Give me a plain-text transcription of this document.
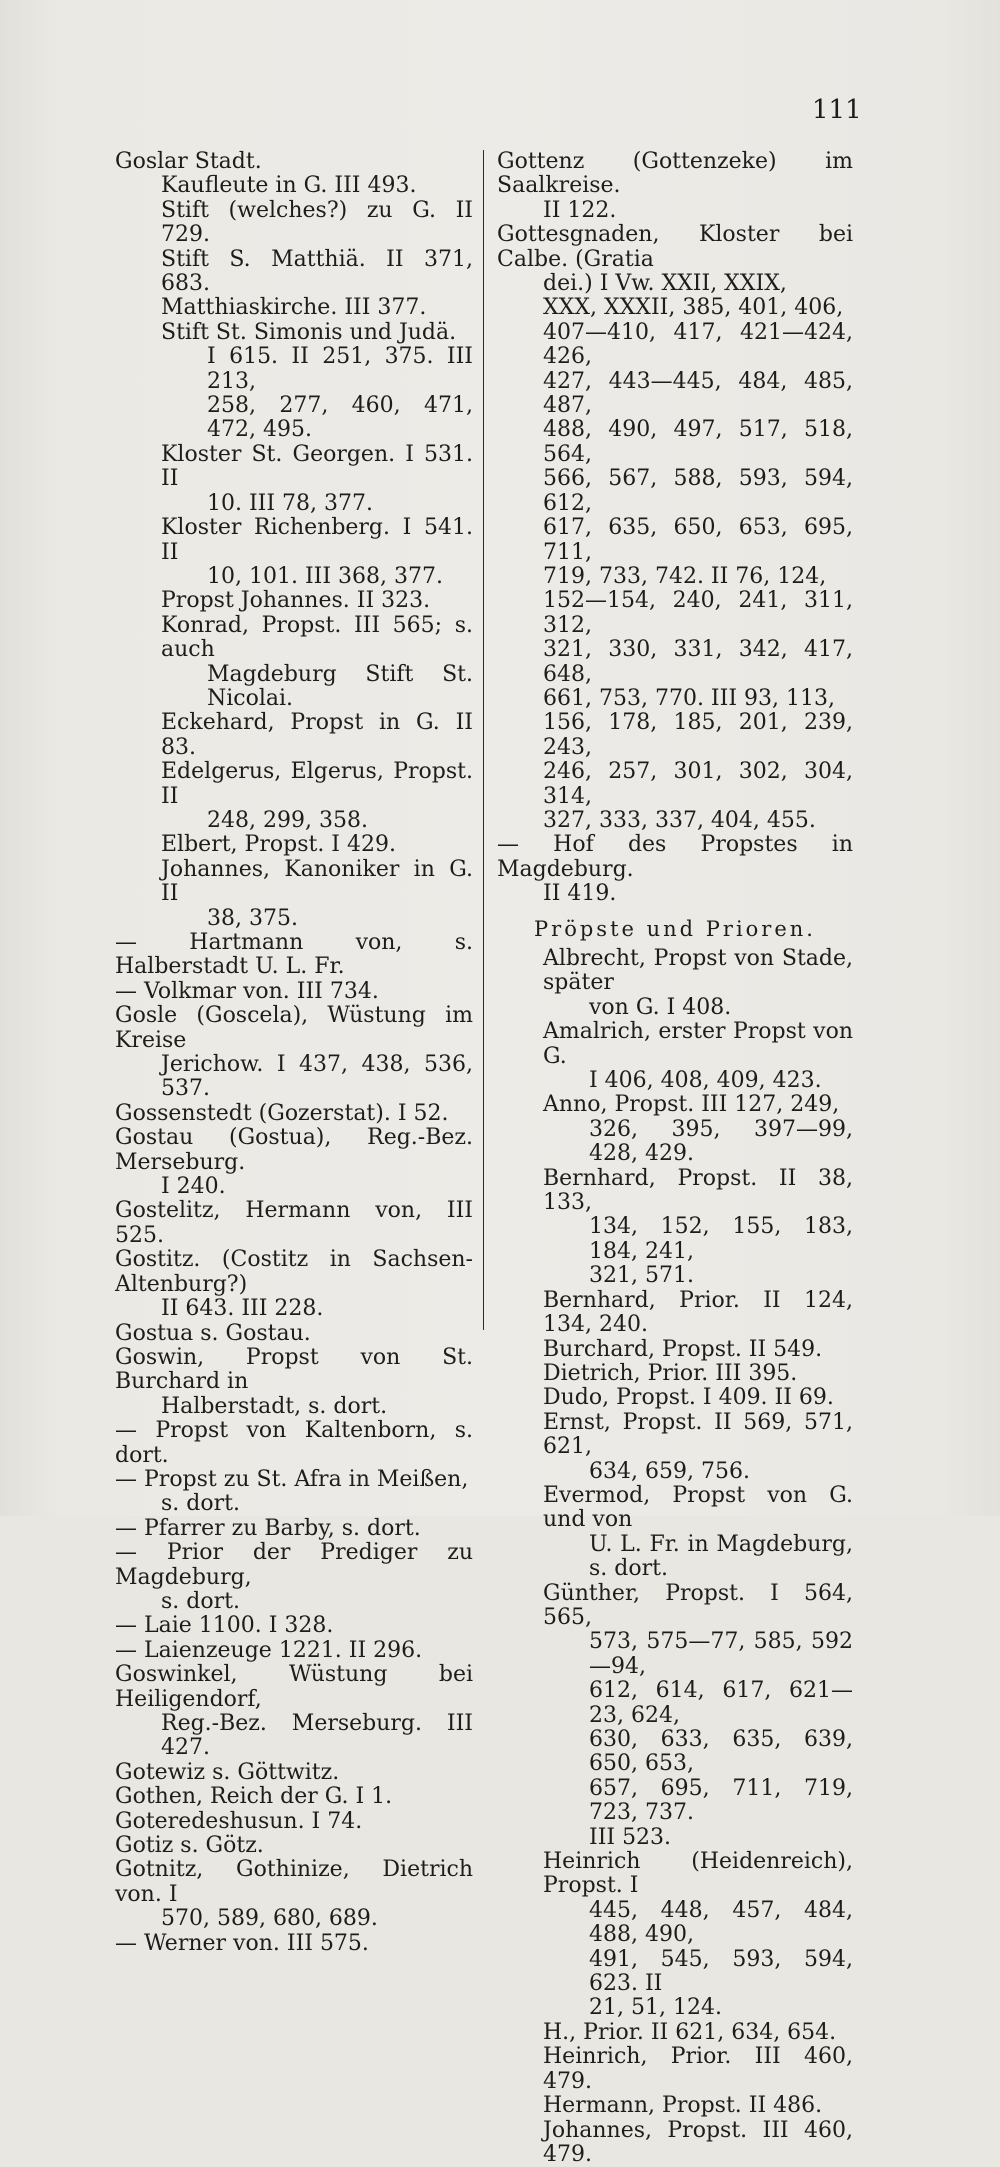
111
Goslar Stadt.
Kaufleute in G. III 493.
Stift (welches?) zu G. II 729.
Stift S. Matthiä. II 371, 683.
Matthiaskirche. III 377.
Stift St. Simonis und Judä.
I 615. II 251, 375. III 213,
258, 277, 460, 471, 472, 495.
Kloster St. Georgen. I 531. II
10. III 78, 377.
Kloster Richenberg. I 541. II
10, 101. III 368, 377.
Propst Johannes. II 323.
Konrad, Propst. III 565; s. auch
Magdeburg Stift St. Nicolai.
Eckehard, Propst in G. II 83.
Edelgerus, Elgerus, Propst. II
248, 299, 358.
Elbert, Propst. I 429.
Johannes, Kanoniker in G. II
38, 375.
— Hartmann von, s. Halberstadt U. L. Fr.
— Volkmar von. III 734.
Gosle (Goscela), Wüstung im Kreise
Jerichow. I 437, 438, 536, 537.
Gossenstedt (Gozerstat). I 52.
Gostau (Gostua), Reg.-Bez. Merseburg.
I 240.
Gostelitz, Hermann von, III 525.
Gostitz. (Costitz in Sachsen-Altenburg?)
II 643. III 228.
Gostua s. Gostau.
Goswin, Propst von St. Burchard in
Halberstadt, s. dort.
— Propst von Kaltenborn, s. dort.
— Propst zu St. Afra in Meißen,
s. dort.
— Pfarrer zu Barby, s. dort.
— Prior der Prediger zu Magdeburg,
s. dort.
— Laie 1100. I 328.
— Laienzeuge 1221. II 296.
Goswinkel, Wüstung bei Heiligendorf,
Reg.-Bez. Merseburg. III 427.
Gotewiz s. Göttwitz.
Gothen, Reich der G. I 1.
Goteredeshusun. I 74.
Gotiz s. Götz.
Gotnitz, Gothinize, Dietrich von. I
570, 589, 680, 689.
— Werner von. III 575.
Gottenz (Gottenzeke) im Saalkreise.
II 122.
Gottesgnaden, Kloster bei Calbe. (Gratia
dei.) I Vw. XXII, XXIX,
XXX, XXXII, 385, 401, 406,
407—410, 417, 421—424, 426,
427, 443—445, 484, 485, 487,
488, 490, 497, 517, 518, 564,
566, 567, 588, 593, 594, 612,
617, 635, 650, 653, 695, 711,
719, 733, 742. II 76, 124,
152—154, 240, 241, 311, 312,
321, 330, 331, 342, 417, 648,
661, 753, 770. III 93, 113,
156, 178, 185, 201, 239, 243,
246, 257, 301, 302, 304, 314,
327, 333, 337, 404, 455.
— Hof des Propstes in Magdeburg.
II 419.
Pröpste und Prioren.
Albrecht, Propst von Stade, später
von G. I 408.
Amalrich, erster Propst von G.
I 406, 408, 409, 423.
Anno, Propst. III 127, 249,
326, 395, 397—99, 428, 429.
Bernhard, Propst. II 38, 133,
134, 152, 155, 183, 184, 241,
321, 571.
Bernhard, Prior. II 124, 134, 240.
Burchard, Propst. II 549.
Dietrich, Prior. III 395.
Dudo, Propst. I 409. II 69.
Ernst, Propst. II 569, 571, 621,
634, 659, 756.
Evermod, Propst von G. und von
U. L. Fr. in Magdeburg, s. dort.
Günther, Propst. I 564, 565,
573, 575—77, 585, 592—94,
612, 614, 617, 621—23, 624,
630, 633, 635, 639, 650, 653,
657, 695, 711, 719, 723, 737.
III 523.
Heinrich (Heidenreich), Propst. I
445, 448, 457, 484, 488, 490,
491, 545, 593, 594, 623. II
21, 51, 124.
H., Prior. II 621, 634, 654.
Heinrich, Prior. III 460, 479.
Hermann, Propst. II 486.
Johannes, Propst. III 460, 479.
